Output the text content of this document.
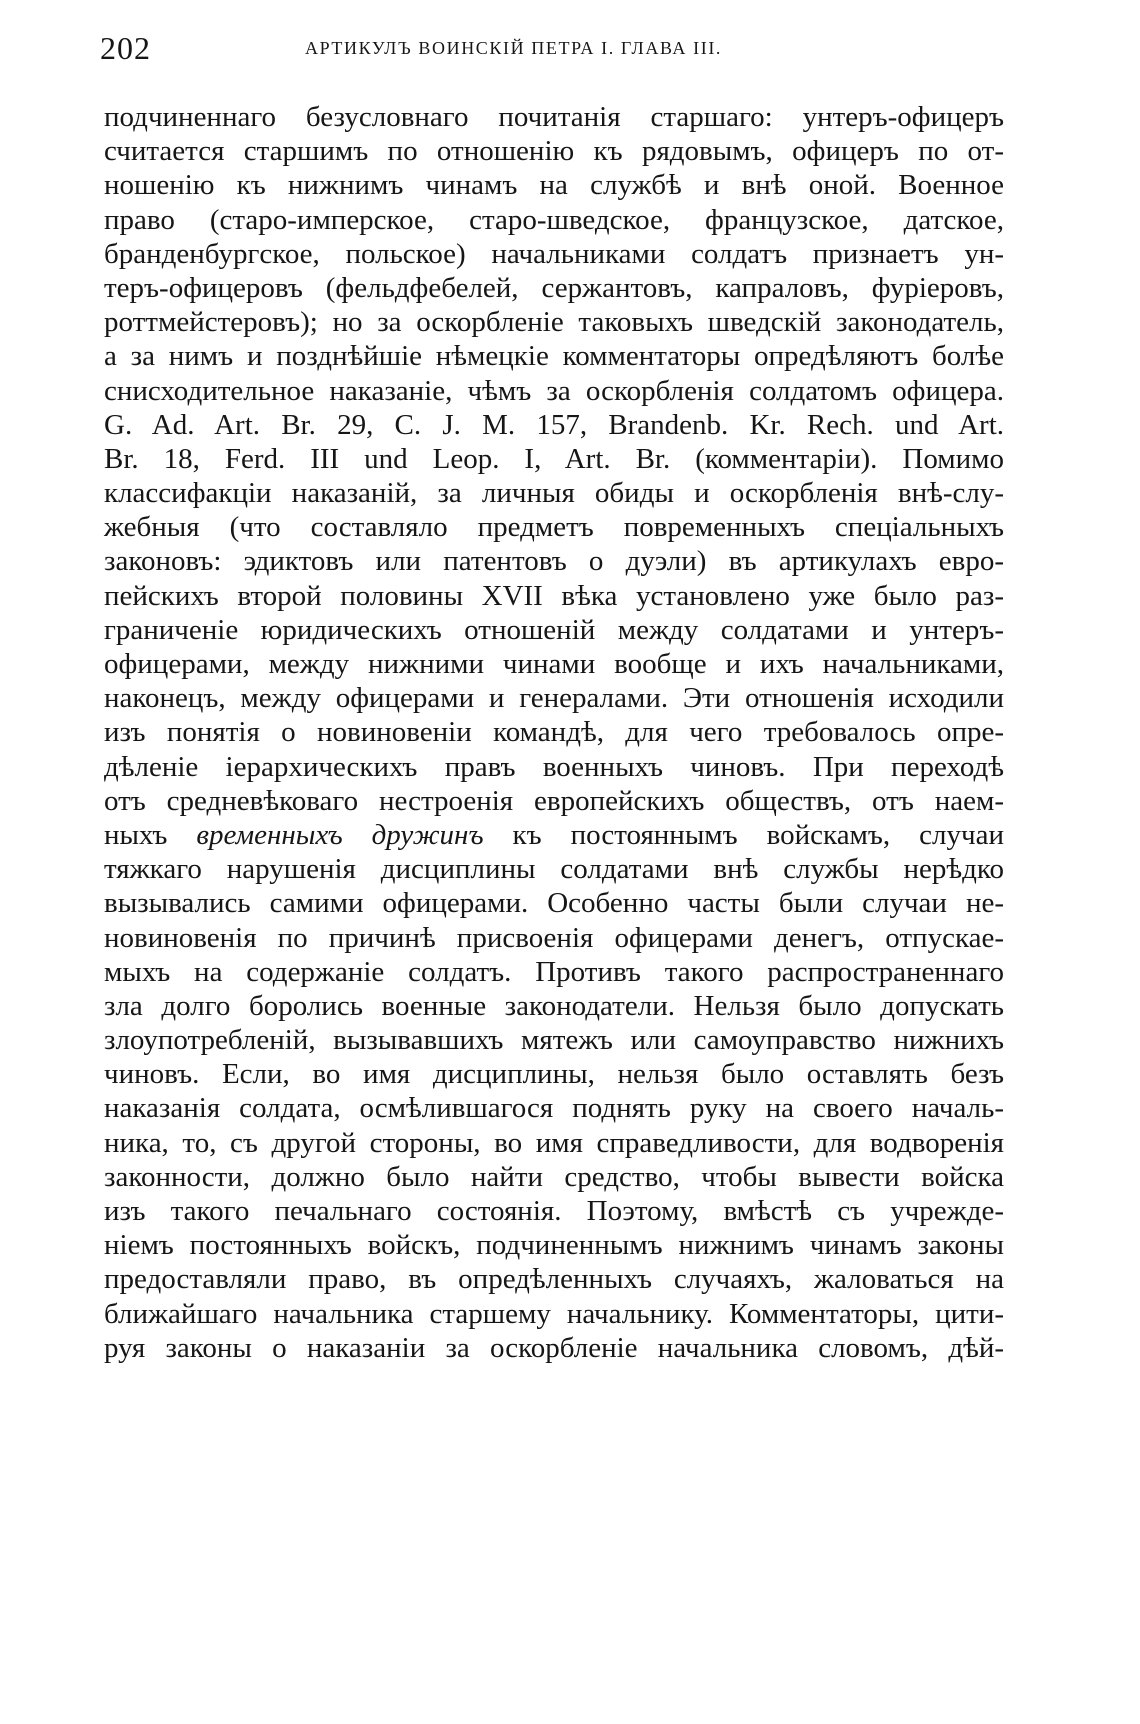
202	АРТИКУЛЪ ВОИНСКІЙ ПЕТРА І. ГЛАВА ІІІ.
подчиненнаго безусловнаго почитанія старшаго: унтеръ-офицеръ
считается старшимъ по отношенію къ рядовымъ, офицеръ по от-
ношенію къ нижнимъ чинамъ на службѣ и внѣ оной. Военное
право (старо-имперское, старо-шведское, французское, датское,
бранденбургское, польское) начальниками солдатъ признаетъ ун-
теръ-офицеровъ (фельдфебелей, сержантовъ, капраловъ, фуріеровъ,
роттмейстеровъ); но за оскорбленіе таковыхъ шведскій законодатель,
а за нимъ и позднѣйшіе нѣмецкіе комментаторы опредѣляютъ болѣе
снисходительное наказаніе, чѣмъ за оскорбленія солдатомъ офицера.
G. Ad. Art. Br. 29, C. J. M. 157, Brandenb. Kr. Rech. und Art.
Br. 18, Ferd. III und Leop. I, Art. Br. (комментаріи). Помимо
классифакціи наказаній, за личныя обиды и оскорбленія внѣ-слу-
жебныя (что составляло предметъ повременныхъ спеціальныхъ
законовъ: эдиктовъ или патентовъ о дуэли) въ артикулахъ евро-
пейскихъ второй половины XVII вѣка установлено уже было раз-
граниченіе юридическихъ отношеній между солдатами и унтеръ-
офицерами, между нижними чинами вообще и ихъ начальниками,
наконецъ, между офицерами и генералами. Эти отношенія исходили
изъ понятія о новиновеніи командѣ, для чего требовалось опре-
дѣленіе іерархическихъ правъ военныхъ чиновъ. При переходѣ
отъ средневѣковаго нестроенія европейскихъ обществъ, отъ наем-
ныхъ временныхъ дружинъ къ постояннымъ войскамъ, случаи
тяжкаго нарушенія дисциплины солдатами внѣ службы нерѣдко
вызывались самими офицерами. Особенно часты были случаи не-
новиновенія по причинѣ присвоенія офицерами денегъ, отпускае-
мыхъ на содержаніе солдатъ. Противъ такого распространеннаго
зла долго боролись военные законодатели. Нельзя было допускать
злоупотребленій, вызывавшихъ мятежъ или самоуправство нижнихъ
чиновъ. Если, во имя дисциплины, нельзя было оставлять безъ
наказанія солдата, осмѣлившагося поднять руку на своего началь-
ника, то, съ другой стороны, во имя справедливости, для водворенія
законности, должно было найти средство, чтобы вывести войска
изъ такого печальнаго состоянія. Поэтому, вмѣстѣ съ учрежде-
ніемъ постоянныхъ войскъ, подчиненнымъ нижнимъ чинамъ законы
предоставляли право, въ опредѣленныхъ случаяхъ, жаловаться на
ближайшаго начальника старшему начальнику. Комментаторы, цити-
руя законы о наказаніи за оскорбленіе начальника словомъ, дѣй-
